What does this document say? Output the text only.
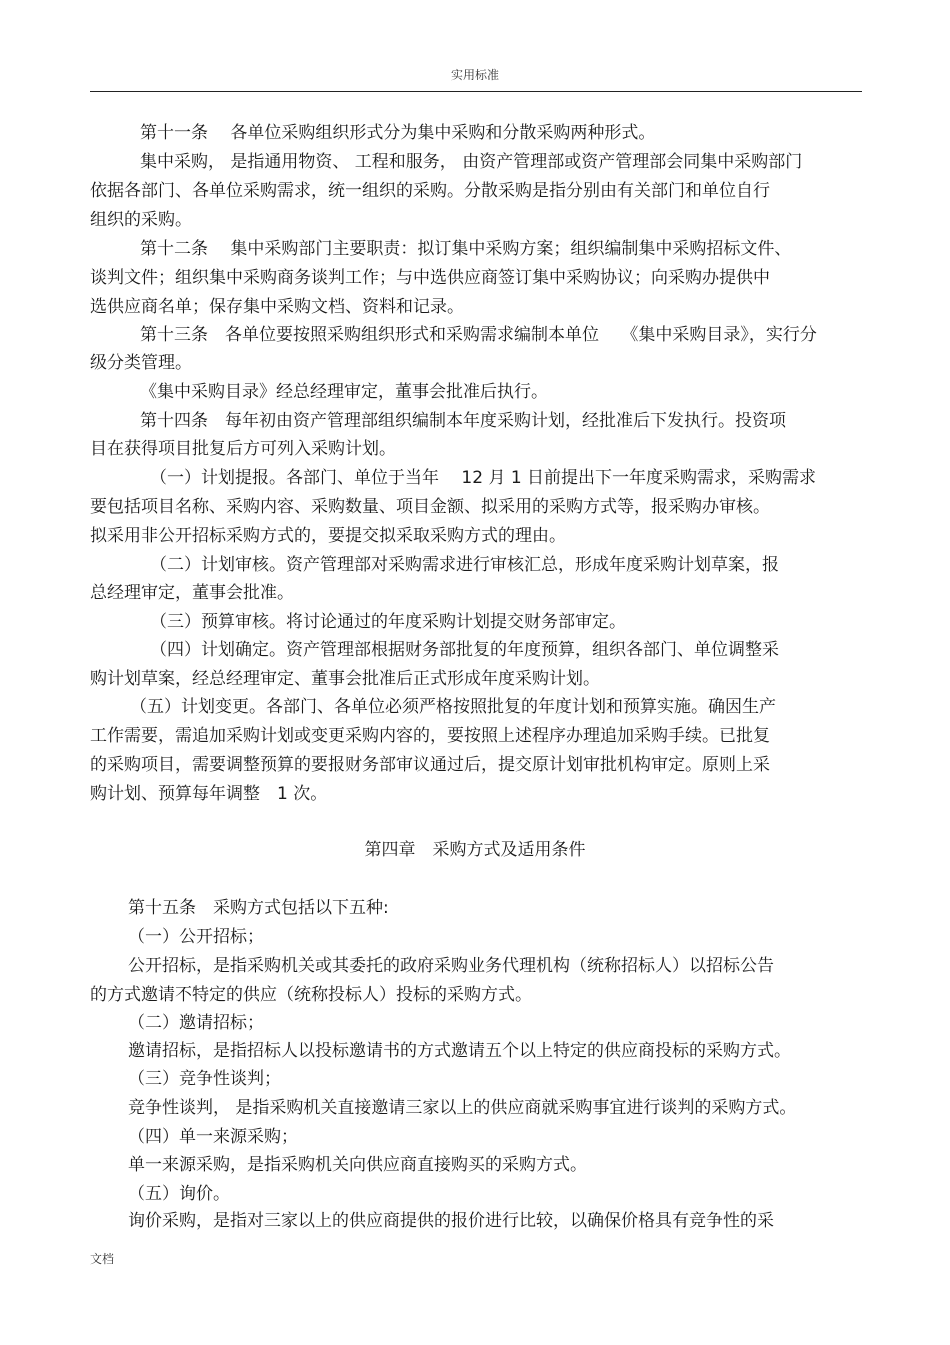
实用标准
第十一条　 各单位采购组织形式分为集中采购和分散采购两种形式。
集中采购， 是指通用物资、 工程和服务， 由资产管理部或资产管理部会同集中采购部门
依据各部门、各单位采购需求，统一组织的采购。分散采购是指分别由有关部门和单位自行
组织的采购。
第十二条　 集中采购部门主要职责：拟订集中采购方案；组织编制集中采购招标文件、
谈判文件；组织集中采购商务谈判工作；与中选供应商签订集中采购协议；向采购办提供中
选供应商名单；保存集中采购文档、资料和记录。
第十三条　各单位要按照采购组织形式和采购需求编制本单位　 《集中采购目录》，实行分
级分类管理。
《集中采购目录》经总经理审定，董事会批准后执行。
第十四条　每年初由资产管理部组织编制本年度采购计划，经批准后下发执行。投资项
目在获得项目批复后方可列入采购计划。
（一）计划提报。各部门、单位于当年　 12 月 1 日前提出下一年度采购需求，采购需求
要包括项目名称、采购内容、采购数量、项目金额、拟采用的采购方式等，报采购办审核。
拟采用非公开招标采购方式的，要提交拟采取采购方式的理由。
（二）计划审核。资产管理部对采购需求进行审核汇总，形成年度采购计划草案，报
总经理审定，董事会批准。
（三）预算审核。将讨论通过的年度采购计划提交财务部审定。
（四）计划确定。资产管理部根据财务部批复的年度预算，组织各部门、单位调整采
购计划草案，经总经理审定、董事会批准后正式形成年度采购计划。
（五）计划变更。各部门、各单位必须严格按照批复的年度计划和预算实施。确因生产
工作需要，需追加采购计划或变更采购内容的，要按照上述程序办理追加采购手续。已批复
的采购项目，需要调整预算的要报财务部审议通过后，提交原计划审批机构审定。原则上采
购计划、预算每年调整　1 次。
第四章　采购方式及适用条件
第十五条　采购方式包括以下五种:
（一）公开招标；
公开招标，是指采购机关或其委托的政府采购业务代理机构（统称招标人）以招标公告
的方式邀请不特定的供应（统称投标人）投标的采购方式。
（二）邀请招标；
邀请招标，是指招标人以投标邀请书的方式邀请五个以上特定的供应商投标的采购方式。
（三）竞争性谈判；
竞争性谈判， 是指采购机关直接邀请三家以上的供应商就采购事宜进行谈判的采购方式。
（四）单一来源采购；
单一来源采购，是指采购机关向供应商直接购买的采购方式。
（五）询价。
询价采购，是指对三家以上的供应商提供的报价进行比较，以确保价格具有竞争性的采
文档
